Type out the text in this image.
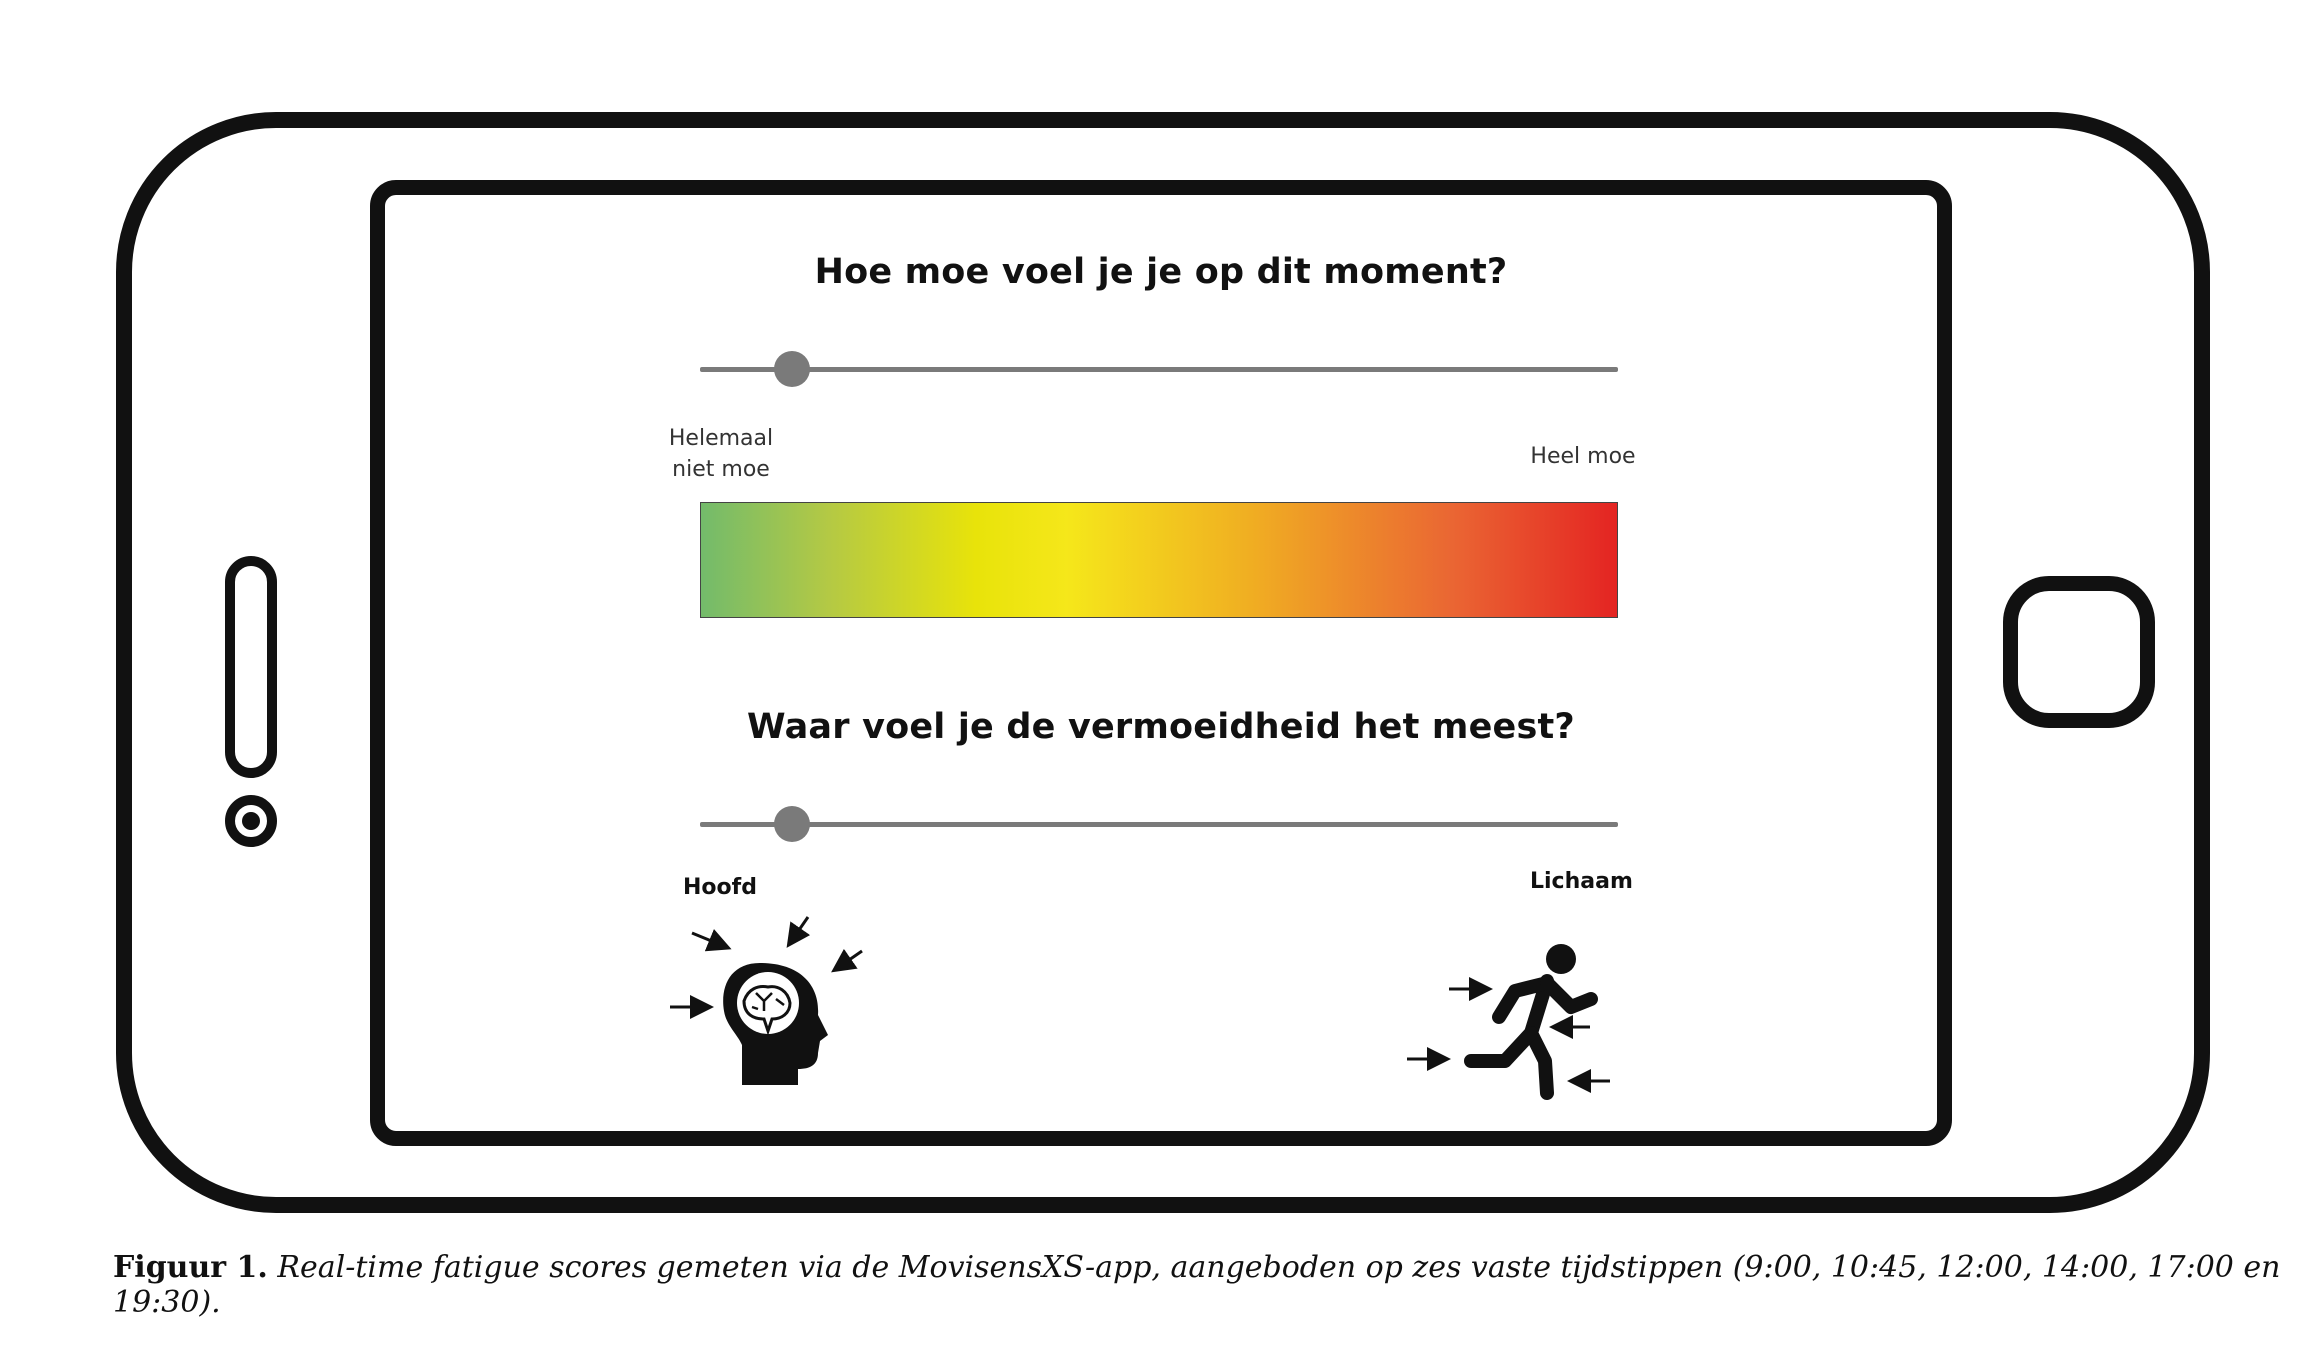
Hoe moe voel je je op dit moment?
Helemaal
niet moe
Heel moe
Waar voel je de vermoeidheid het meest?
Hoofd	Lichaam
Figuur 1. Real-time fatigue scores gemeten via de MovisensXS-app, aangeboden op zes vaste tijdstippen (9:00, 10:45, 12:00, 14:00, 17:00 en 19:30).
